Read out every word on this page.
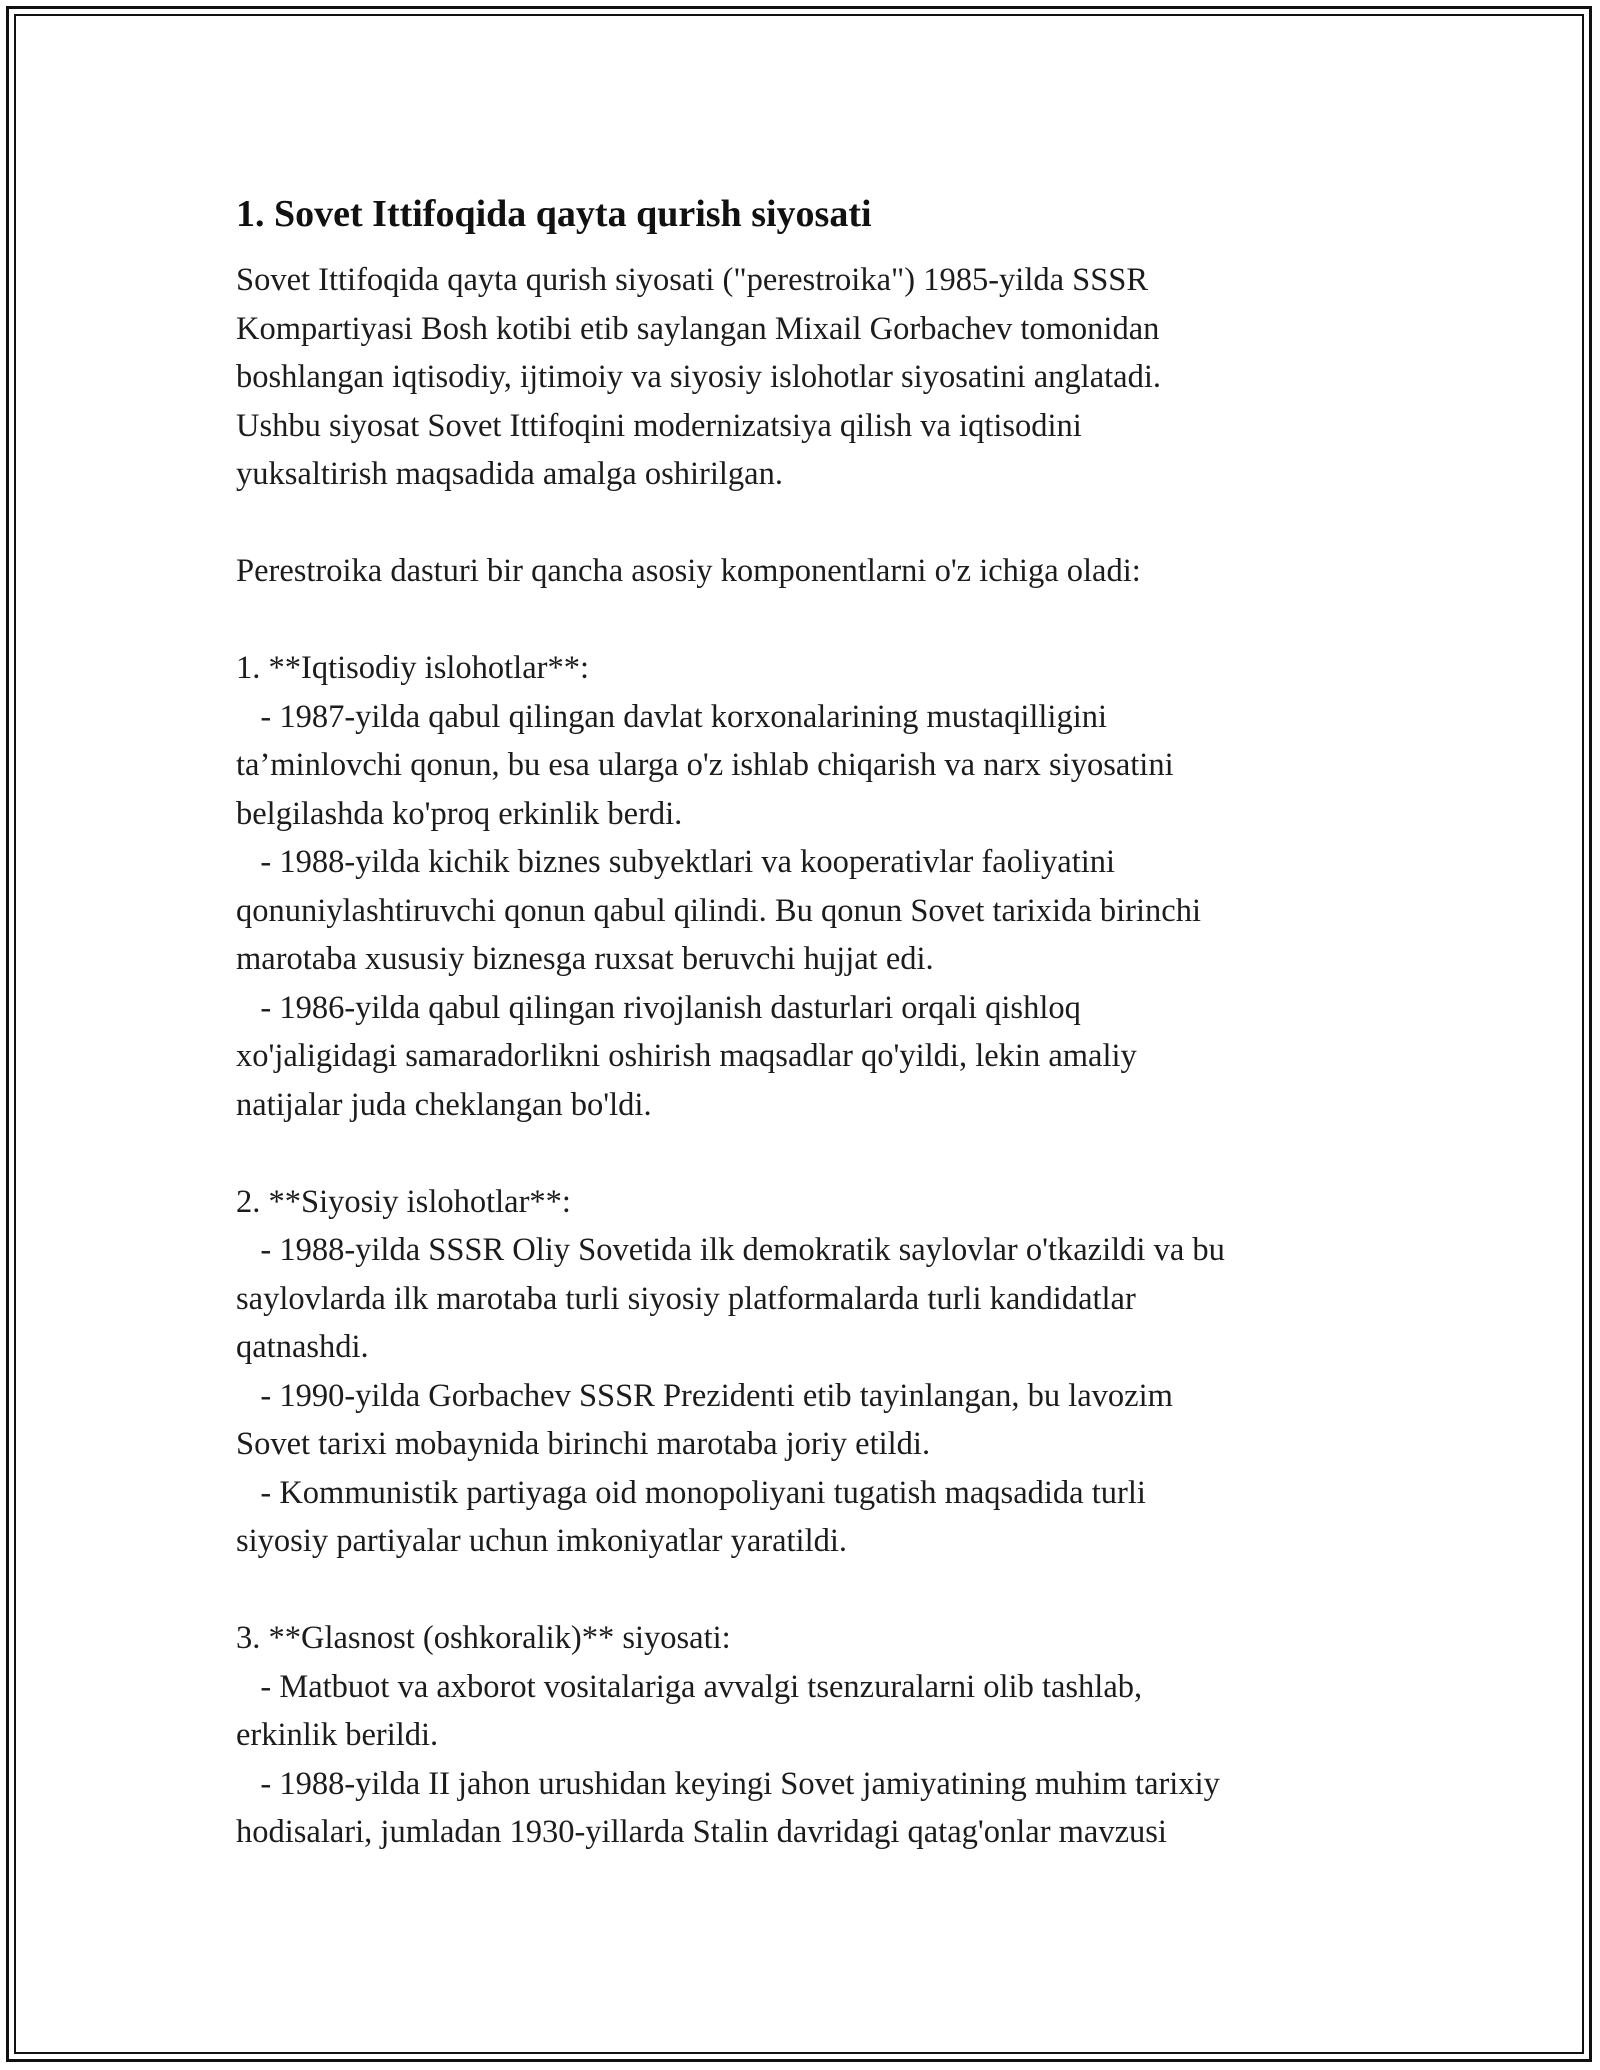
1. Sovet Ittifoqida qayta qurish siyosati

Sovet Ittifoqida qayta qurish siyosati ("perestroika") 1985-yilda SSSR
Kompartiyasi Bosh kotibi etib saylangan Mixail Gorbachev tomonidan
boshlangan iqtisodiy, ijtimoiy va siyosiy islohotlar siyosatini anglatadi.
Ushbu siyosat Sovet Ittifoqini modernizatsiya qilish va iqtisodini
yuksaltirish maqsadida amalga oshirilgan.

Perestroika dasturi bir qancha asosiy komponentlarni o'z ichiga oladi:

1. **Iqtisodiy islohotlar**:
- 1987-yilda qabul qilingan davlat korxonalarining mustaqilligini
ta’minlovchi qonun, bu esa ularga o'z ishlab chiqarish va narx siyosatini
belgilashda ko'proq erkinlik berdi.
- 1988-yilda kichik biznes subyektlari va kooperativlar faoliyatini
qonuniylashtiruvchi qonun qabul qilindi. Bu qonun Sovet tarixida birinchi
marotaba xususiy biznesga ruxsat beruvchi hujjat edi.
- 1986-yilda qabul qilingan rivojlanish dasturlari orqali qishloq
xo'jaligidagi samaradorlikni oshirish maqsadlar qo'yildi, lekin amaliy
natijalar juda cheklangan bo'ldi.

2. **Siyosiy islohotlar**:
- 1988-yilda SSSR Oliy Sovetida ilk demokratik saylovlar o'tkazildi va bu
saylovlarda ilk marotaba turli siyosiy platformalarda turli kandidatlar
qatnashdi.
- 1990-yilda Gorbachev SSSR Prezidenti etib tayinlangan, bu lavozim
Sovet tarixi mobaynida birinchi marotaba joriy etildi.
- Kommunistik partiyaga oid monopoliyani tugatish maqsadida turli
siyosiy partiyalar uchun imkoniyatlar yaratildi.

3. **Glasnost (oshkoralik)** siyosati:
- Matbuot va axborot vositalariga avvalgi tsenzuralarni olib tashlab,
erkinlik berildi.
- 1988-yilda II jahon urushidan keyingi Sovet jamiyatining muhim tarixiy
hodisalari, jumladan 1930-yillarda Stalin davridagi qatag'onlar mavzusi
